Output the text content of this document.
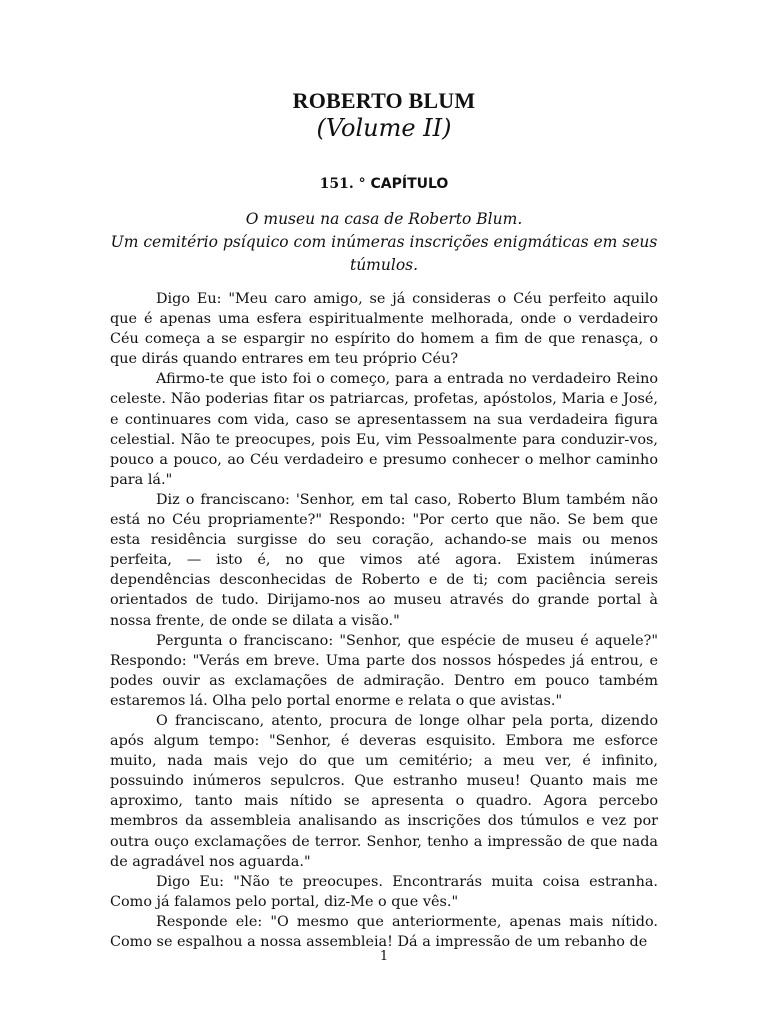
ROBERTO BLUM
(Volume II)
151. ° CAPÍTULO
O museu na casa de Roberto Blum.
Um cemitério psíquico com inúmeras inscrições enigmáticas em seus túmulos.

Digo Eu: "Meu caro amigo, se já consideras o Céu perfeito aquilo que é apenas uma esfera espiritualmente melhorada, onde o verdadeiro Céu começa a se espargir no espírito do homem a fim de que renasça, o que dirás quando entrares em teu próprio Céu?

Afirmo-te que isto foi o começo, para a entrada no verdadeiro Reino celeste. Não poderias fitar os patriarcas, profetas, apóstolos, Maria e José, e continuares com vida, caso se apresentassem na sua verdadeira figura celestial. Não te preocupes, pois Eu, vim Pessoalmente para conduzir-vos, pouco a pouco, ao Céu verdadeiro e presumo conhecer o melhor caminho para lá."

Diz o franciscano: 'Senhor, em tal caso, Roberto Blum também não está no Céu propriamente?" Respondo: "Por certo que não. Se bem que esta residência surgisse do seu coração, achando-se mais ou menos perfeita, — isto é, no que vimos até agora. Existem inúmeras dependências desconhecidas de Roberto e de ti; com paciência sereis orientados de tudo. Dirijamo-nos ao museu através do grande portal à nossa frente, de onde se dilata a visão."

Pergunta o franciscano: "Senhor, que espécie de museu é aquele?" Respondo: "Verás em breve. Uma parte dos nossos hóspedes já entrou, e podes ouvir as exclamações de admiração. Dentro em pouco também estaremos lá. Olha pelo portal enorme e relata o que avistas."

O franciscano, atento, procura de longe olhar pela porta, dizendo após algum tempo: "Senhor, é deveras esquisito. Embora me esforce muito, nada mais vejo do que um cemitério; a meu ver, é infinito, possuindo inúmeros sepulcros. Que estranho museu! Quanto mais me aproximo, tanto mais nítido se apresenta o quadro. Agora percebo membros da assembleia analisando as inscrições dos túmulos e vez por outra ouço exclamações de terror. Senhor, tenho a impressão de que nada de agradável nos aguarda."

Digo Eu: "Não te preocupes. Encontrarás muita coisa estranha. Como já falamos pelo portal, diz-Me o que vês."

Responde ele: "O mesmo que anteriormente, apenas mais nítido. Como se espalhou a nossa assembleia! Dá a impressão de um rebanho de

1
